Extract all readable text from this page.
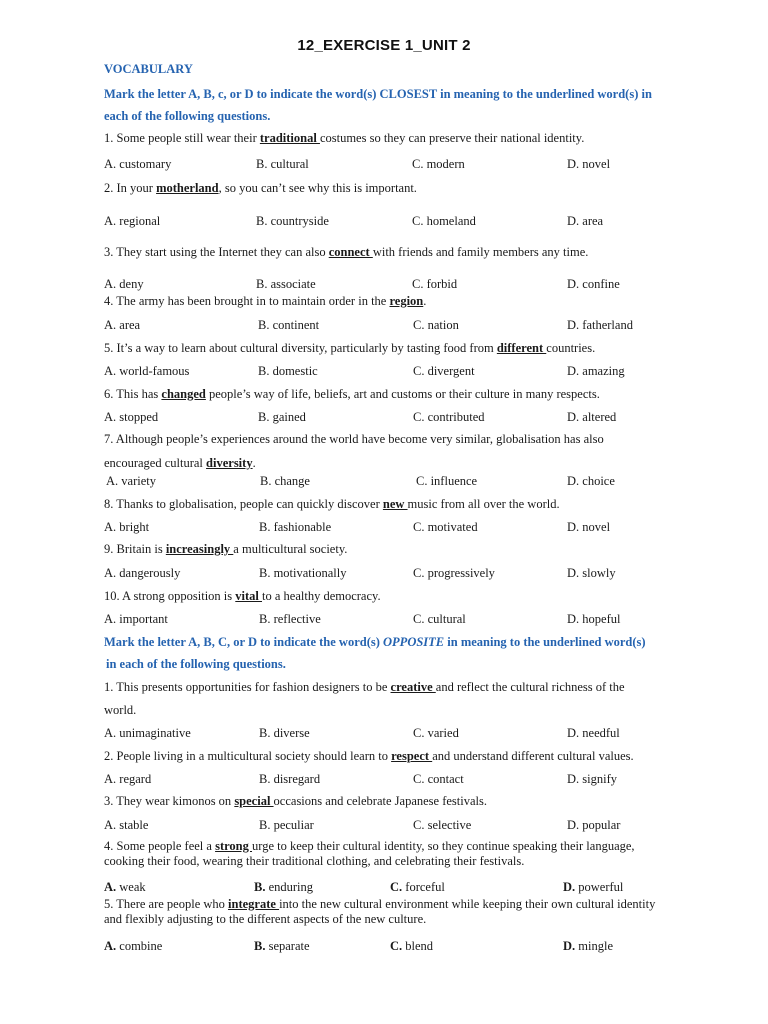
12_EXERCISE 1_UNIT 2
VOCABULARY
Mark the letter A, B, c, or D to indicate the word(s) CLOSEST in meaning to the underlined word(s) in
each of the following questions.
1. Some people still wear their traditional costumes so they can preserve their national identity.
A. customary	B. cultural	C. modern	D. novel
2. In your motherland, so you can’t see why this is important.
A. regional	B. countryside	C. homeland	D. area
3. They start using the Internet they can also connect with friends and family members any time.
A. deny	B. associate	C. forbid	D. confine
4. The army has been brought in to maintain order in the region.
A. area	B. continent	C. nation	D. fatherland
5. It’s a way to learn about cultural diversity, particularly by tasting food from different countries.
A. world-famous	B. domestic	C. divergent	D. amazing
6. This has changed people’s way of life, beliefs, art and customs or their culture in many respects.
A. stopped	B. gained	C. contributed	D. altered
7. Although people’s experiences around the world have become very similar, globalisation has also
encouraged cultural diversity.
A. variety	B. change	C. influence	D. choice
8. Thanks to globalisation, people can quickly discover new music from all over the world.
A. bright	B. fashionable	C. motivated	D. novel
9. Britain is increasingly a multicultural society.
A. dangerously	B. motivationally	C. progressively	D. slowly
10. A strong opposition is vital to a healthy democracy.
A. important	B. reflective	C. cultural	D. hopeful
Mark the letter A, B, C, or D to indicate the word(s) OPPOSITE in meaning to the underlined word(s)
in each of the following questions.
1. This presents opportunities for fashion designers to be creative and reflect the cultural richness of the
world.
A. unimaginative	B. diverse	C. varied	D. needful
2. People living in a multicultural society should learn to respect and understand different cultural values.
A. regard	B. disregard	C. contact	D. signify
3. They wear kimonos on special occasions and celebrate Japanese festivals.
A. stable	B. peculiar	C. selective	D. popular
4. Some people feel a strong urge to keep their cultural identity, so they continue speaking their language, cooking their food, wearing their traditional clothing, and celebrating their festivals.
A. weak	B. enduring	C. forceful	D. powerful
5. There are people who integrate into the new cultural environment while keeping their own cultural identity and flexibly adjusting to the different aspects of the new culture.
A. combine	B. separate	C. blend	D. mingle
